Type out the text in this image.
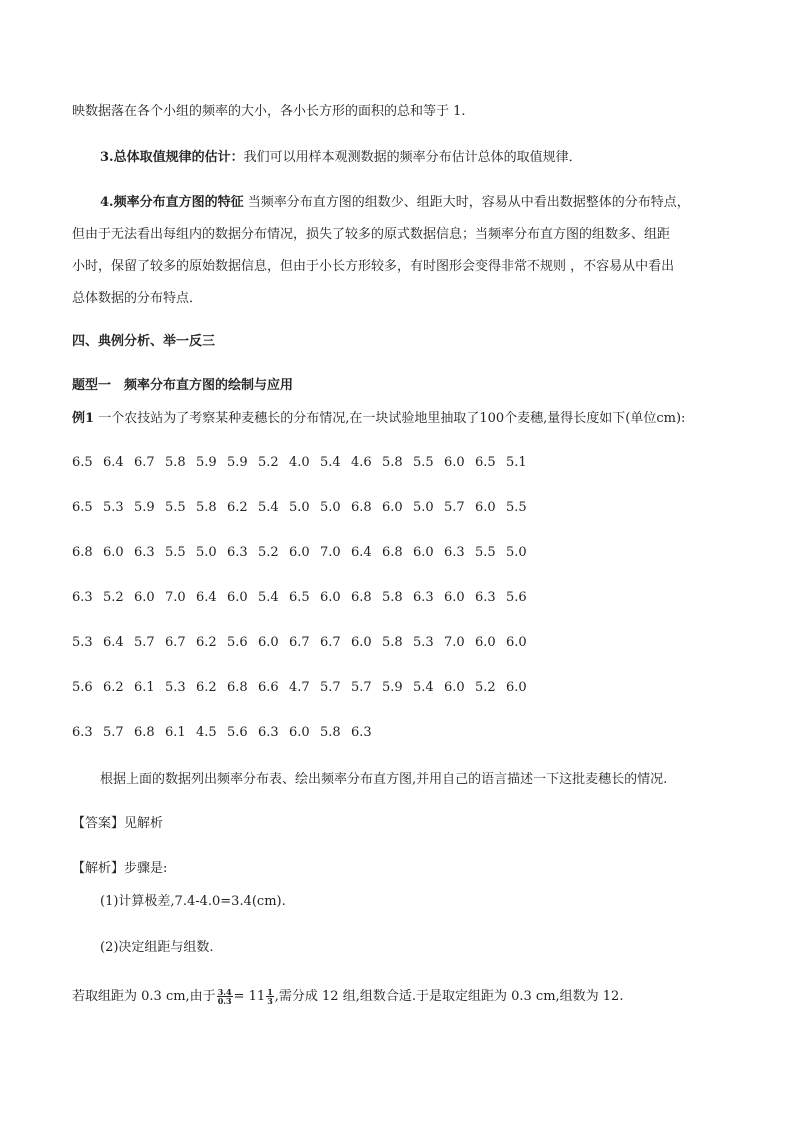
映数据落在各个小组的频率的大小，各小长方形的面积的总和等于 1.
3.总体取值规律的估计：我们可以用样本观测数据的频率分布估计总体的取值规律．
4.频率分布直方图的特征 当频率分布直方图的组数少、组距大时，容易从中看出数据整体的分布特点，
但由于无法看出每组内的数据分布情况，损失了较多的原式数据信息；当频率分布直方图的组数多、组距
小时，保留了较多的原始数据信息，但由于小长方形较多，有时图形会变得非常不规则 ，不容易从中看出
总体数据的分布特点．
四、典例分析、举一反三
题型一　频率分布直方图的绘制与应用
例1 一个农技站为了考察某种麦穗长的分布情况,在一块试验地里抽取了100个麦穗,量得长度如下(单位cm):
6.5 6.4 6.7 5.8 5.9 5.9 5.2 4.0 5.4 4.6 5.8 5.5 6.0 6.5 5.1
6.5 5.3 5.9 5.5 5.8 6.2 5.4 5.0 5.0 6.8 6.0 5.0 5.7 6.0 5.5
6.8 6.0 6.3 5.5 5.0 6.3 5.2 6.0 7.0 6.4 6.8 6.0 6.3 5.5 5.0
6.3 5.2 6.0 7.0 6.4 6.0 5.4 6.5 6.0 6.8 5.8 6.3 6.0 6.3 5.6
5.3 6.4 5.7 6.7 6.2 5.6 6.0 6.7 6.7 6.0 5.8 5.3 7.0 6.0 6.0
5.6 6.2 6.1 5.3 6.2 6.8 6.6 4.7 5.7 5.7 5.9 5.4 6.0 5.2 6.0
6.3 5.7 6.8 6.1 4.5 5.6 6.3 6.0 5.8 6.3
根据上面的数据列出频率分布表、绘出频率分布直方图,并用自己的语言描述一下这批麦穗长的情况.
【答案】见解析
【解析】步骤是:
(1)计算极差,7.4-4.0=3.4(cm).
(2)决定组距与组数.
若取组距为 0.3 cm,由于 $\frac{3.4}{0.3} = 11 \frac{1}{3}$ ,需分成 12 组,组数合适.于是取定组距为 0.3 cm,组数为 12.
